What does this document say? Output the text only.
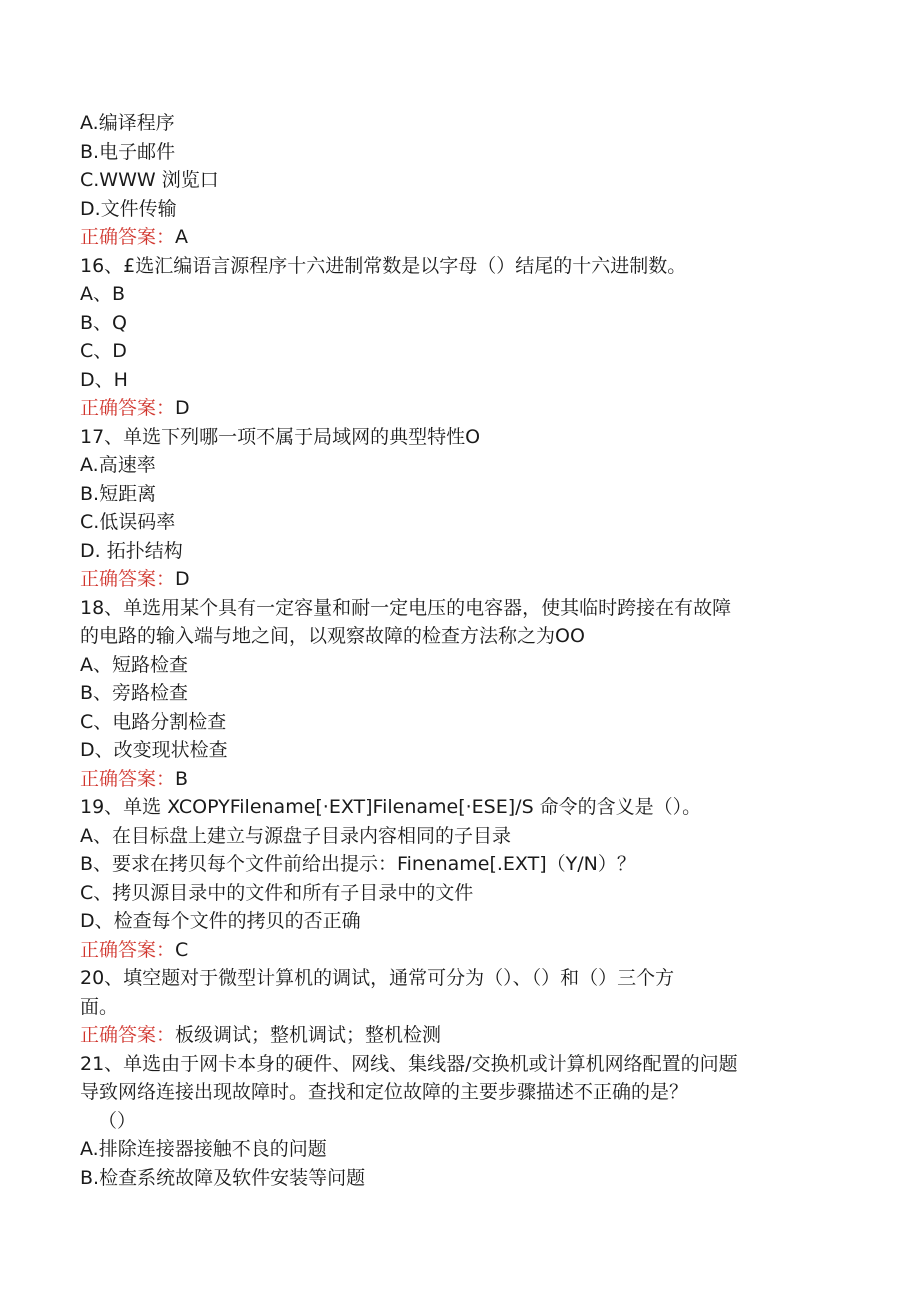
A.编译程序
B.电子邮件
C.WWW 浏览口
D.文件传输
正确答案：A
16、£选汇编语言源程序十六进制常数是以字母（）结尾的十六进制数。
A、B
B、Q
C、D
D、H
正确答案：D
17、单选下列哪一项不属于局域网的典型特性O
A.高速率
B.短距离
C.低误码率
D. 拓扑结构
正确答案：D
18、单选用某个具有一定容量和耐一定电压的电容器，使其临时跨接在有故障
的电路的输入端与地之间，以观察故障的检查方法称之为OO
A、短路检查
B、旁路检查
C、电路分割检查
D、改变现状检查
正确答案：B
19、单选 XCOPYFilename[·EXT]Filename[·ESE]/S 命令的含义是（）。
A、在目标盘上建立与源盘子目录内容相同的子目录
B、要求在拷贝每个文件前给出提示：Finename[.EXT]（Y/N）？
C、拷贝源目录中的文件和所有子目录中的文件
D、检查每个文件的拷贝的否正确
正确答案：C
20、填空题对于微型计算机的调试，通常可分为（）、（）和（）三个方
面。
正确答案：板级调试；整机调试；整机检测
21、单选由于网卡本身的硬件、网线、集线器/交换机或计算机网络配置的问题
导致网络连接出现故障时。查找和定位故障的主要步骤描述不正确的是？
（）
A.排除连接器接触不良的问题
B.检查系统故障及软件安装等问题
